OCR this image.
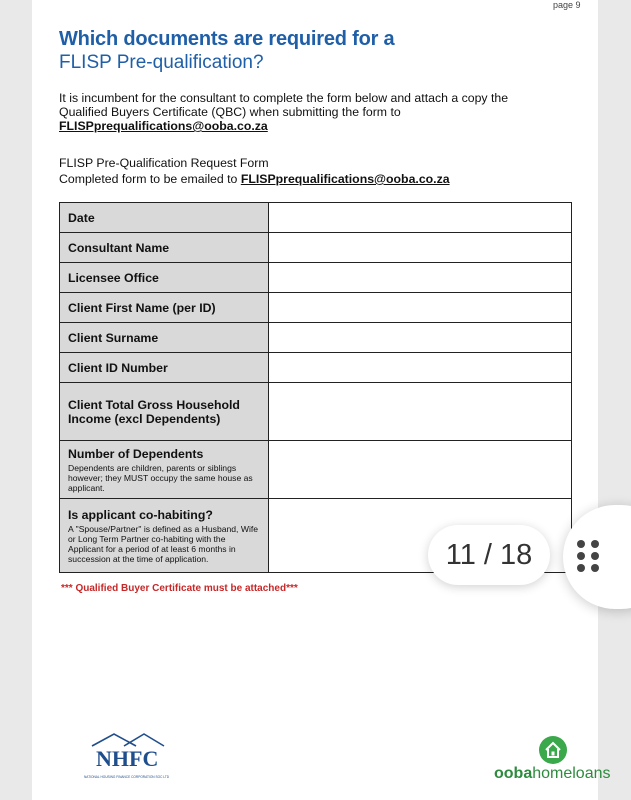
page 9
Which documents are required for a
FLISP Pre-qualification?
It is incumbent for the consultant to complete the form below and attach a copy the Qualified Buyers Certificate (QBC) when submitting the form to
FLISPprequalifications@ooba.co.za
FLISP Pre-Qualification Request Form
Completed form to be emailed to FLISPprequalifications@ooba.co.za
Date	
Consultant Name	
Licensee Office	
Client First Name (per ID)	
Client Surname	
Client ID Number	
Client Total Gross Household Income (excl Dependents)	
Number of Dependents
Dependents are children, parents or siblings however; they MUST occupy the same house as applicant.	

Is applicant co-habiting?
A "Spouse/Partner" is defined as a Husband, Wife or Long Term Partner co-habiting with the Applicant for a period of at least 6 months in succession at the time of application.	

*** Qualified Buyer Certificate must be attached***
NHFC
NATIONAL HOUSING FINANCE CORPORATION SOC LTD	oobahomeloans
11 / 18
